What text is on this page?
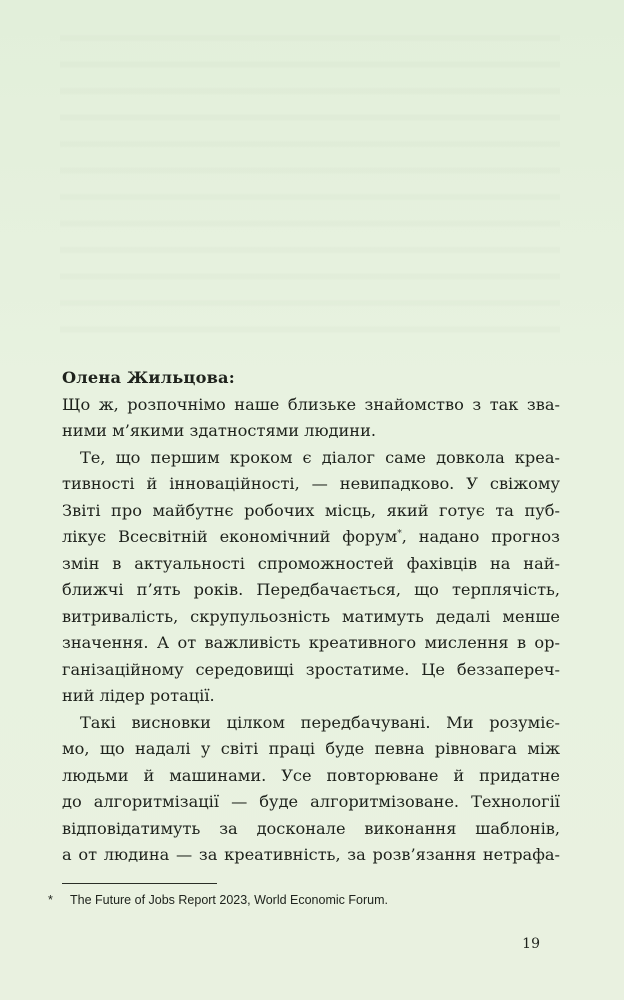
Олена Жильцова:

Що ж, розпочнімо наше близьке знайомство з так зва-
ними м’якими здатностями людини.
Те, що першим кроком є діалог саме довкола креа-
тивності й інноваційності, — невипадково. У свіжому
Звіті про майбутнє робочих місць, який готує та пуб-
лікує Всесвітній економічний форум*, надано прогноз
змін в актуальності спроможностей фахівців на най-
ближчі п’ять років. Передбачається, що терплячість,
витривалість, скрупульозність матимуть дедалі менше
значення. А от важливість креативного мислення в ор-
ганізаційному середовищі зростатиме. Це беззапереч-
ний лідер ротації.
Такі висновки цілком передбачувані. Ми розуміє-
мо, що надалі у світі праці буде певна рівновага між
людьми й машинами. Усе повторюване й придатне
до алгоритмізації — буде алгоритмізоване. Технології
відповідатимуть за досконале виконання шаблонів,
а от людина — за креативність, за розв’язання нетрафа-
* The Future of Jobs Report 2023, World Economic Forum.
19
